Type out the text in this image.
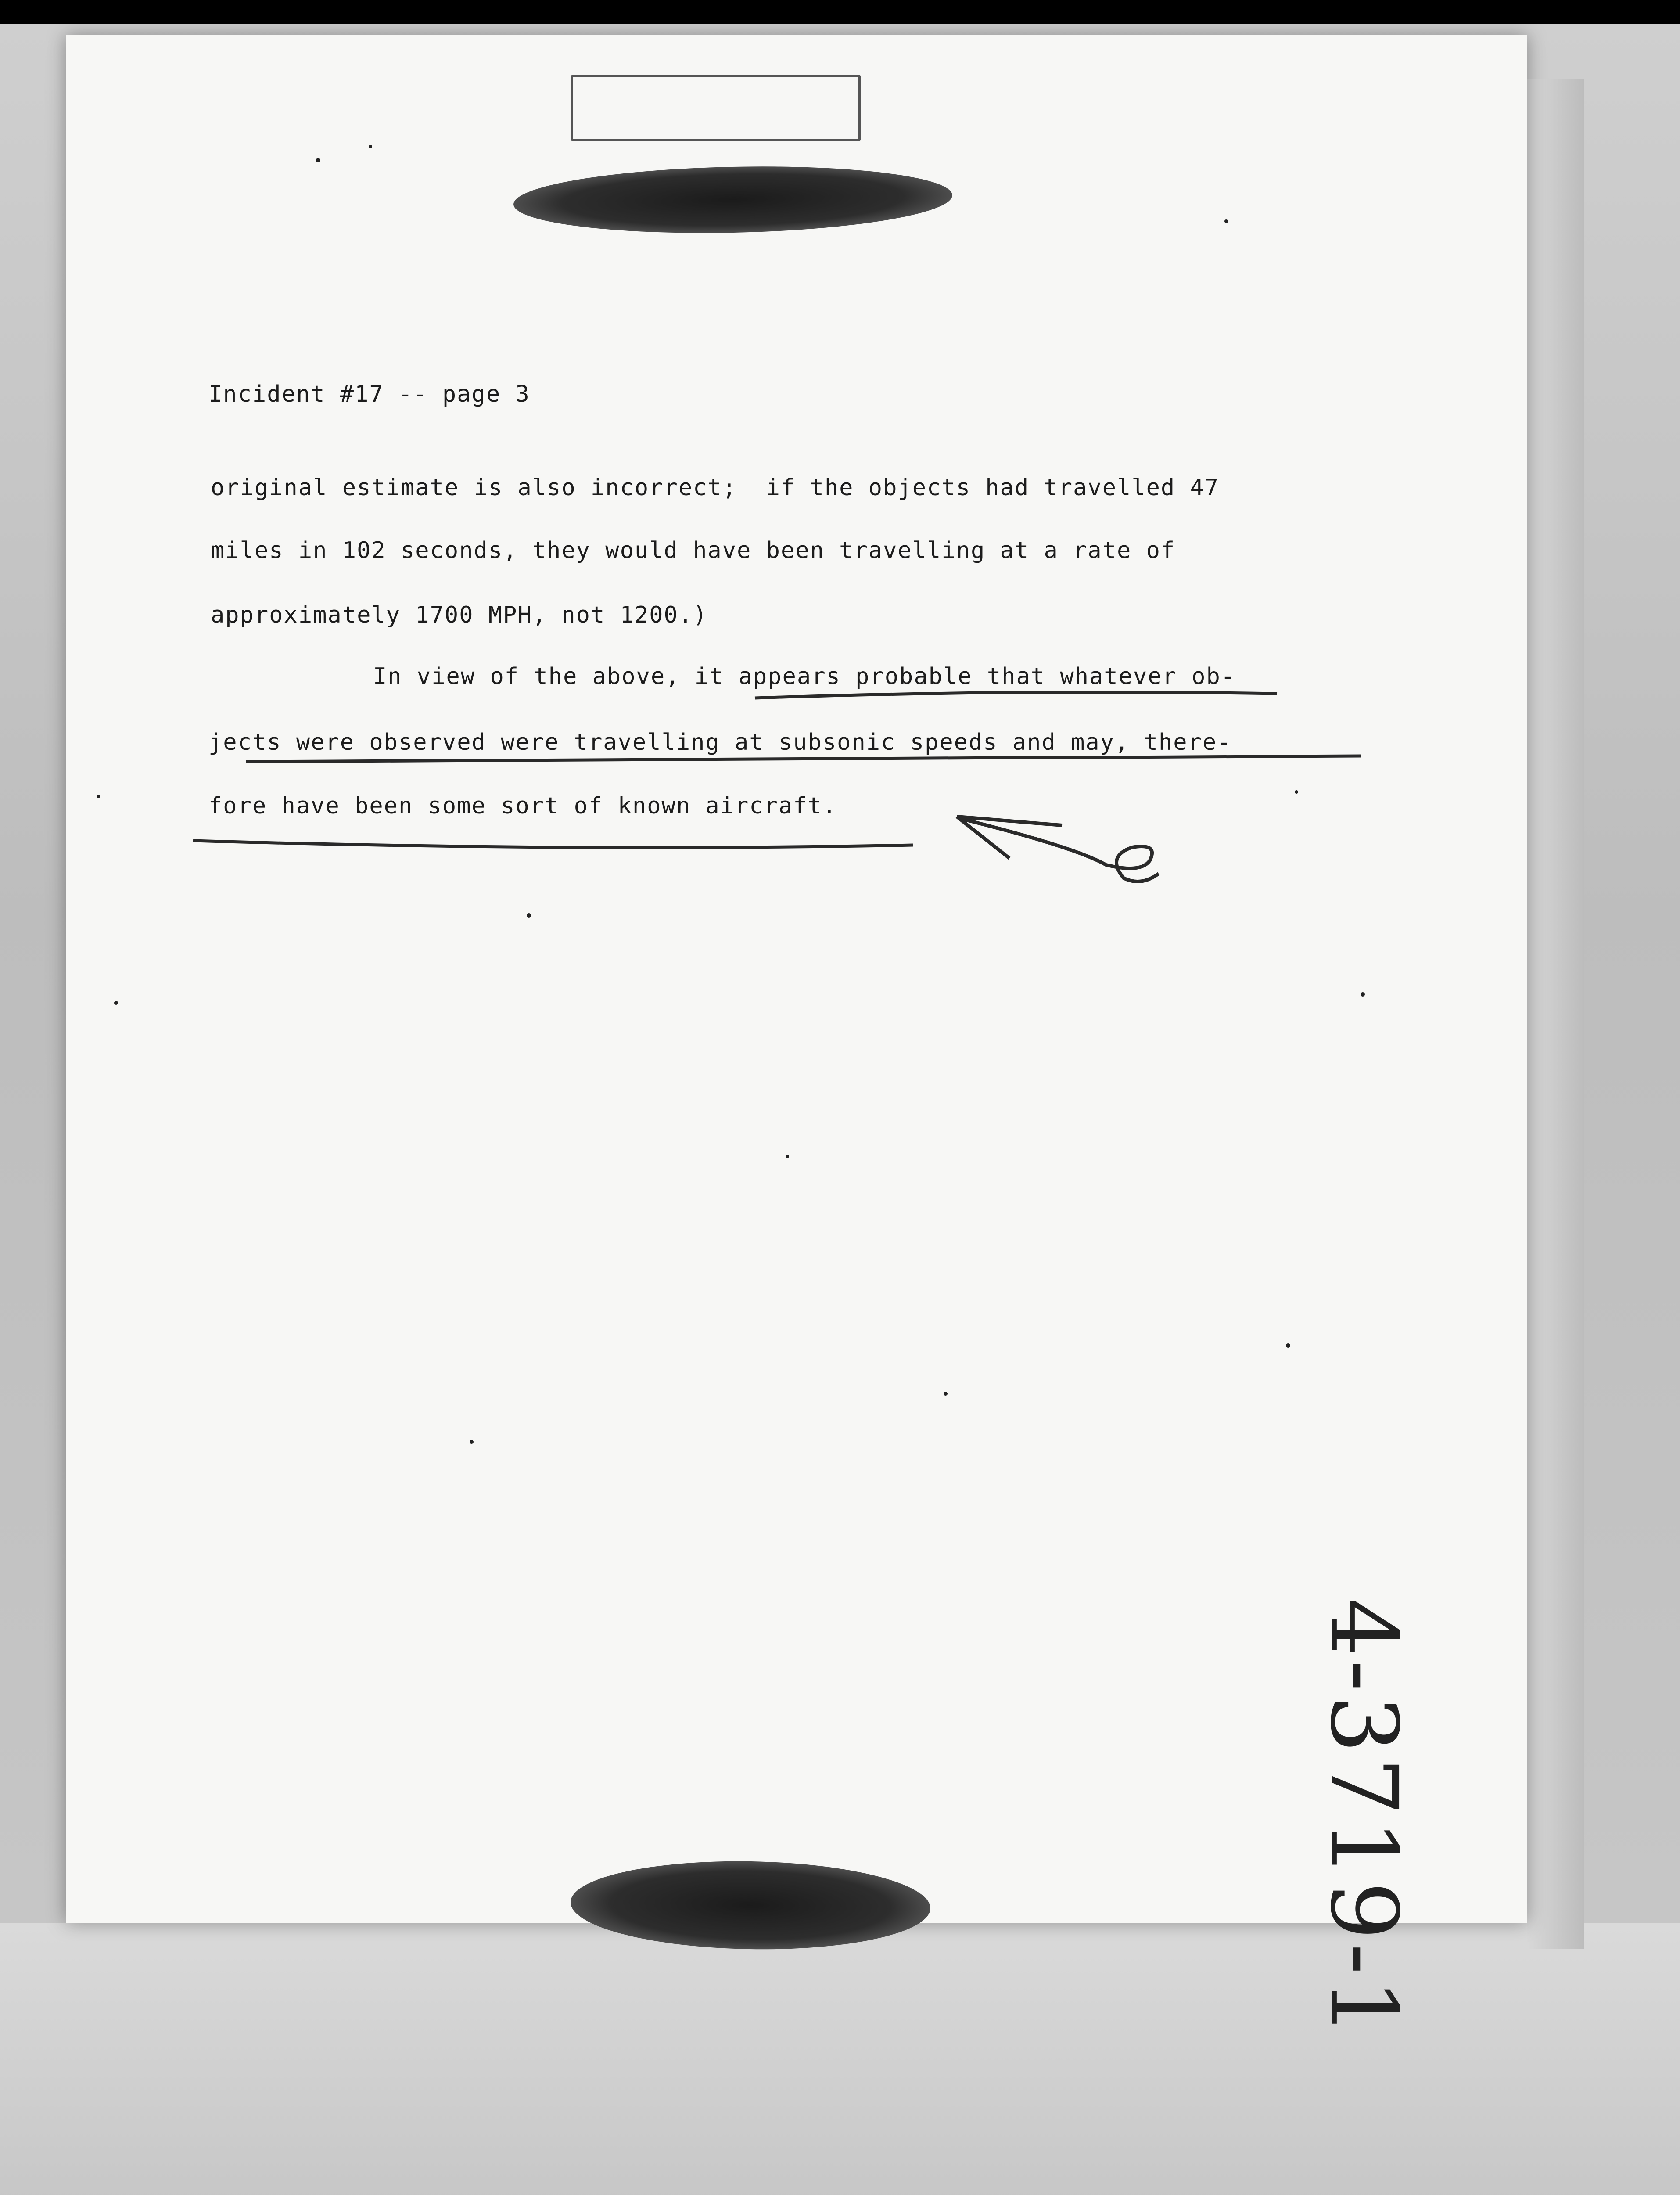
Incident #17 -- page 3
original estimate is also incorrect;  if the objects had travelled 47
miles in 102 seconds, they would have been travelling at a rate of
approximately 1700 MPH, not 1200.)
In view of the above, it appears probable that whatever ob-
jects were observed were travelling at subsonic speeds and may, there-
fore have been some sort of known aircraft.
4-3719-1
